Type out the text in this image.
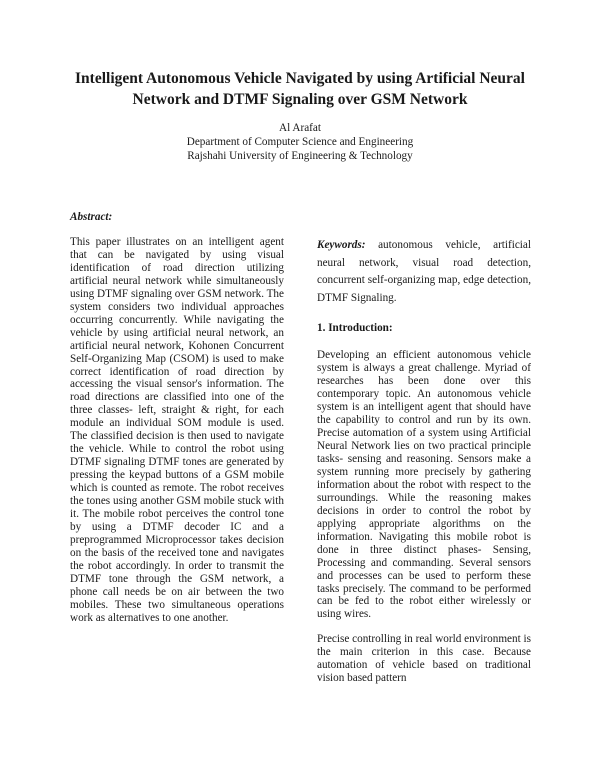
Intelligent Autonomous Vehicle Navigated by using Artificial Neural Network and DTMF Signaling over GSM Network
Al Arafat
Department of Computer Science and Engineering
Rajshahi University of Engineering & Technology
Abstract:

This paper illustrates on an intelligent agent that can be navigated by using visual identification of road direction utilizing artificial neural network while simultaneously using DTMF signaling over GSM network. The system considers two individual approaches occurring concurrently. While navigating the vehicle by using artificial neural network, an artificial neural network, Kohonen Concurrent Self-Organizing Map (CSOM) is used to make correct identification of road direction by accessing the visual sensor's information. The road directions are classified into one of the three classes- left, straight & right, for each module an individual SOM module is used. The classified decision is then used to navigate the vehicle. While to control the robot using DTMF signaling DTMF tones are generated by pressing the keypad buttons of a GSM mobile which is counted as remote. The robot receives the tones using another GSM mobile stuck with it. The mobile robot perceives the control tone by using a DTMF decoder IC and a preprogrammed Microprocessor takes decision on the basis of the received tone and navigates the robot accordingly. In order to transmit the DTMF tone through the GSM network, a phone call needs be on air between the two mobiles. These two simultaneous operations work as alternatives to one another.

Keywords: autonomous vehicle, artificial neural network, visual road detection, concurrent self-organizing map, edge detection, DTMF Signaling.

1. Introduction:

Developing an efficient autonomous vehicle system is always a great challenge. Myriad of researches has been done over this contemporary topic. An autonomous vehicle system is an intelligent agent that should have the capability to control and run by its own. Precise automation of a system using Artificial Neural Network lies on two practical principle tasks- sensing and reasoning. Sensors make a system running more precisely by gathering information about the robot with respect to the surroundings. While the reasoning makes decisions in order to control the robot by applying appropriate algorithms on the information. Navigating this mobile robot is done in three distinct phases- Sensing, Processing and commanding. Several sensors and processes can be used to perform these tasks precisely. The command to be performed can be fed to the robot either wirelessly or using wires.

Precise controlling in real world environment is the main criterion in this case. Because automation of vehicle based on traditional vision based pattern
